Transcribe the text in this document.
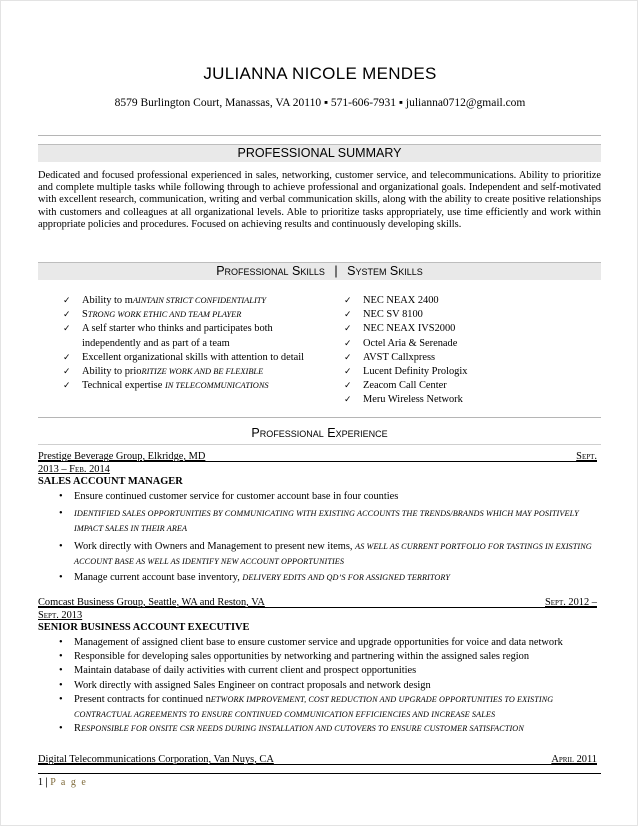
JULIANNA NICOLE MENDES
8579 Burlington Court, Manassas, VA 20110 ▪ 571-606-7931 ▪ julianna0712@gmail.com
PROFESSIONAL SUMMARY
Dedicated and focused professional experienced in sales, networking, customer service, and telecommunications. Ability to prioritize and complete multiple tasks while following through to achieve professional and organizational goals. Independent and self-motivated with excellent research, communication, writing and verbal communication skills, along with the ability to create positive relationships with customers and colleagues at all organizational levels. Able to prioritize tasks appropriately, use time efficiently and work within appropriate policies and procedures. Focused on achieving results and continuously developing skills.
Professional Skills | System Skills
✓ Ability to mAINTAIN STRICT CONFIDENTIALITY
✓ STRONG WORK ETHIC AND TEAM PLAYER
✓ A self starter who thinks and participates both independently and as part of a team
✓ Excellent organizational skills with attention to detail
✓ Ability to prioRITIZE WORK AND BE FLEXIBLE
✓ Technical expertise IN TELECOMMUNICATIONS
✓ NEC NEAX 2400
✓ NEC SV 8100
✓ NEC NEAX IVS2000
✓ Octel Aria & Serenade
✓ AVST Callxpress
✓ Lucent Definity Prologix
✓ Zeacom Call Center
✓ Meru Wireless Network
Professional Experience
Prestige Beverage Group, Elkridge, MD	Sept.
2013 – Feb. 2014
SALES ACCOUNT MANAGER
• Ensure continued customer service for customer account base in four counties
• IDENTIFIED SALES OPPORTUNITIES BY COMMUNICATING WITH EXISTING ACCOUNTS THE TRENDS/BRANDS WHICH MAY POSITIVELY IMPACT SALES IN THEIR AREA
• Work directly with Owners and Management to present new items, AS WELL AS CURRENT PORTFOLIO FOR TASTINGS IN EXISTING ACCOUNT BASE AS WELL AS IDENTIFY NEW ACCOUNT OPPORTUNITIES
• Manage current account base inventory, DELIVERY EDITS AND QD’S FOR ASSIGNED TERRITORY
Comcast Business Group, Seattle, WA and Reston, VA	Sept. 2012 –
Sept. 2013
SENIOR BUSINESS ACCOUNT EXECUTIVE
• Management of assigned client base to ensure customer service and upgrade opportunities for voice and data network
• Responsible for developing sales opportunities by networking and partnering within the assigned sales region
• Maintain database of daily activities with current client and prospect opportunities
• Work directly with assigned Sales Engineer on contract proposals and network design
• Present contracts for continued nETWORK IMPROVEMENT, COST REDUCTION AND UPGRADE OPPORTUNITIES TO EXISTING CONTRACTUAL AGREEMENTS TO ENSURE CONTINUED COMMUNICATION EFFICIENCIES AND INCREASE SALES
• RESPONSIBLE FOR ONSITE CSR NEEDS DURING INSTALLATION AND CUTOVERS TO ENSURE CUSTOMER SATISFACTION
Digital Telecommunications Corporation, Van Nuys, CA	April 2011
1 | P a g e
